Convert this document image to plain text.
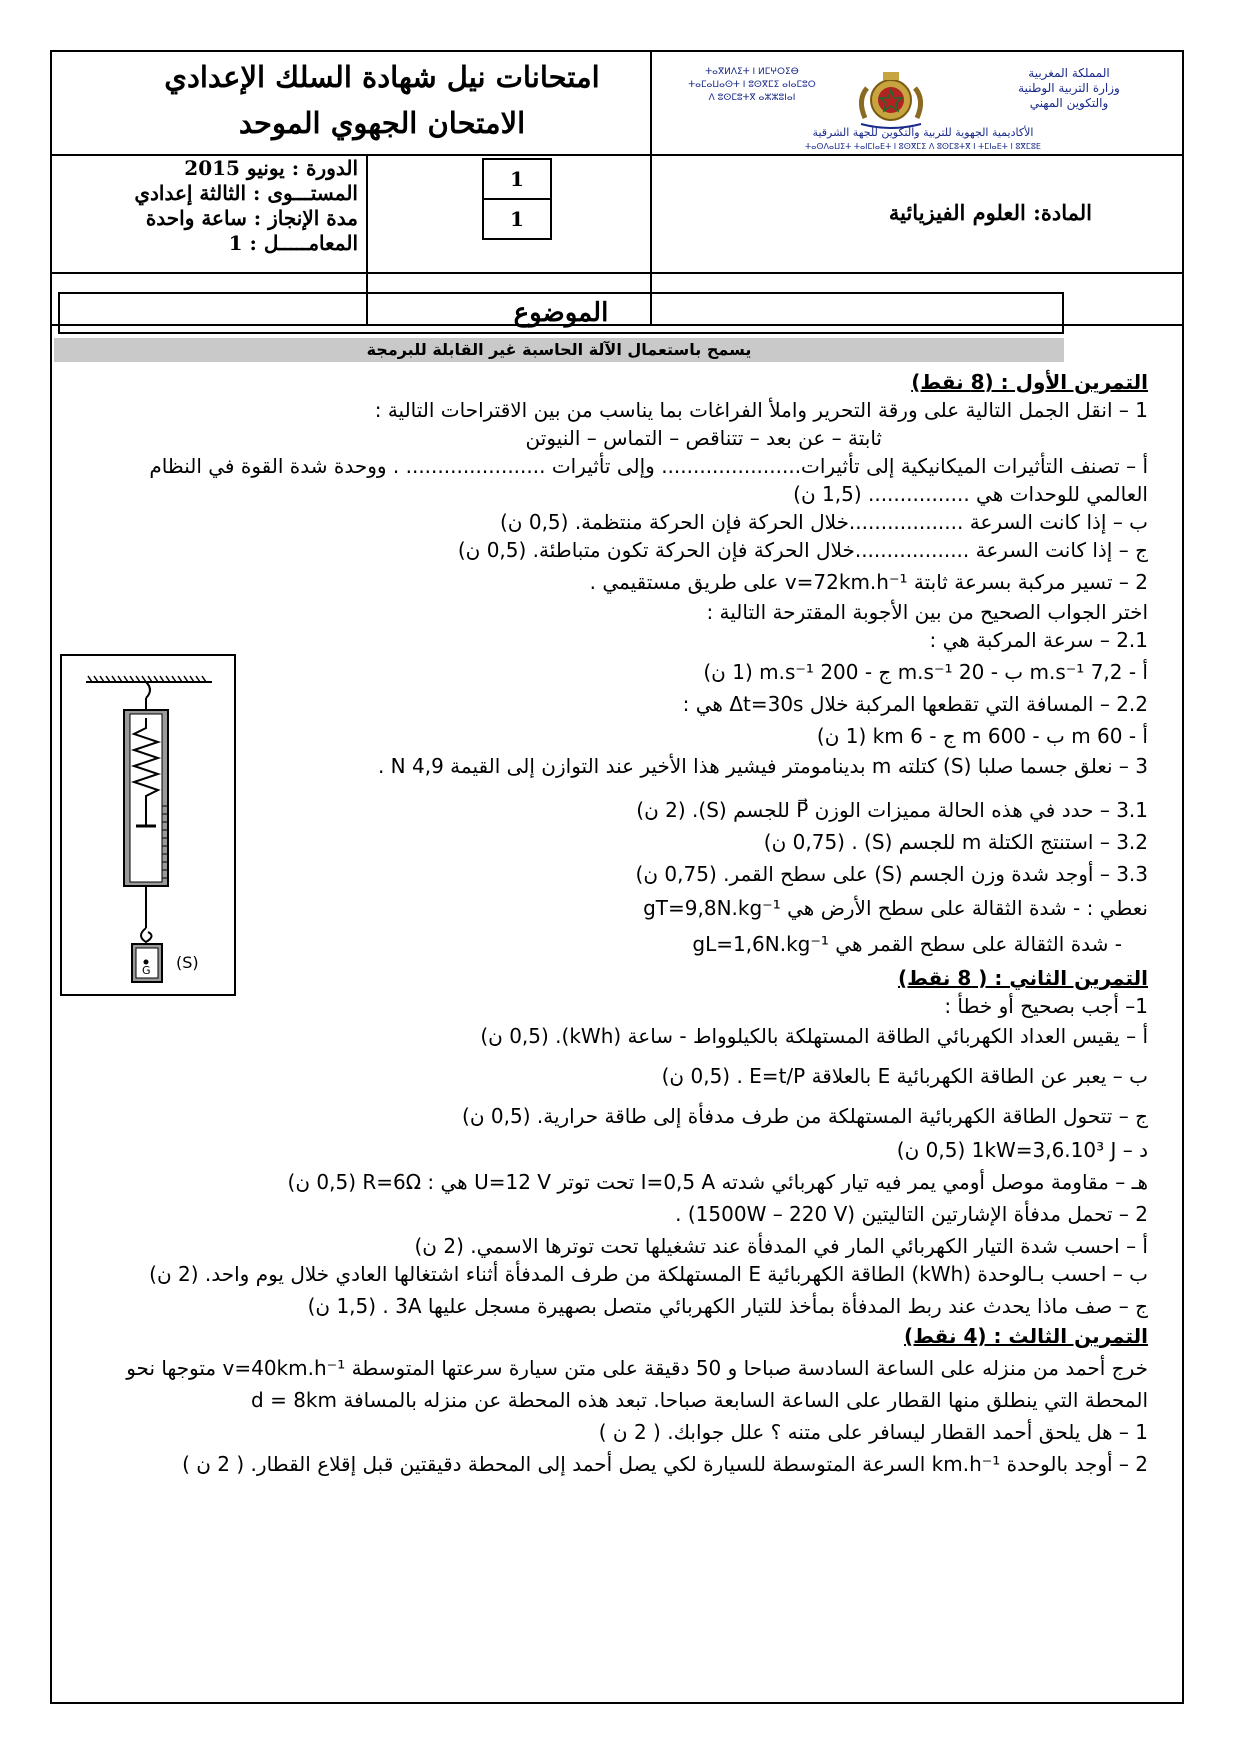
امتحانات نيل شهادة السلك الإعدادي
الامتحان الجهوي الموحد
ⵜⴰⴳⵍⴷⵉⵜ ⵏ ⵍⵎⵖⵔⵉⴱ
ⵜⴰⵎⴰⵡⴰⵙⵜ ⵏ ⵓⵙⴳⵎⵉ ⴰⵏⴰⵎⵓⵔ
ⴷ ⵓⵙⵎⵓⵜⴳ ⴰⵣⵣⵓⵏⴰⵏ
المملكة المغربية
وزارة التربية الوطنية
والتكوين المهني
الأكاديمية الجهوية للتربية والتكوين للجهة الشرقية
ⵜⴰⵙⴷⴰⵡⵉⵜ ⵜⴰⵏⵎⵏⴰⴹⵜ ⵏ ⵓⵙⴳⵎⵉ ⴷ ⵓⵙⵎⵓⵜⴳ ⵏ ⵜⵎⵏⴰⴹⵜ ⵏ ⵓⴳⵎⵓⴹ
الدورة : يونيو 2015
المستـــوى : الثالثة إعدادي
مدة الإنجاز : ساعة واحدة
المعامـــــل : 1
1
1	المادة: العلوم الفيزيائية
الموضوع
يسمح باستعمال الآلة الحاسبة غير القابلة للبرمجة
G (S)
التمرين الأول : (8 نقط)
1 – انقل الجمل التالية على ورقة التحرير واملأ الفراغات بما يناسب من بين الاقتراحات التالية :
ثابتة – عن بعد – تتناقص – التماس – النيوتن
أ – تصنف التأثيرات الميكانيكية إلى تأثيرات...................... وإلى تأثيرات ...................... . ووحدة شدة القوة في النظام
العالمي للوحدات هي ................ (1,5 ن)
ب – إذا كانت السرعة ..................خلال الحركة فإن الحركة منتظمة. (0,5 ن)
ج – إذا كانت السرعة ..................خلال الحركة فإن الحركة تكون متباطئة. (0,5 ن)
2 – تسير مركبة بسرعة ثابتة v=72km.h⁻¹ على طريق مستقيمي .
اختر الجواب الصحيح من بين الأجوبة المقترحة التالية :
2.1 – سرعة المركبة هي :
أ - 7,2 m.s⁻¹ ب - 20 m.s⁻¹ ج - 200 m.s⁻¹ (1 ن)
2.2 – المسافة التي تقطعها المركبة خلال Δt=30s هي :
أ - 60 m ب - 600 m ج - 6 km (1 ن)
3 – نعلق جسما صلبا (S) كتلته m بدينامومتر فيشير هذا الأخير عند التوازن إلى القيمة 4,9 N .
3.1 – حدد في هذه الحالة مميزات الوزن P⃗ للجسم (S). (2 ن)
3.2 – استنتج الكتلة m للجسم (S) . (0,75 ن)
3.3 – أوجد شدة وزن الجسم (S) على سطح القمر. (0,75 ن)
نعطي : - شدة الثقالة على سطح الأرض هي gT=9,8N.kg⁻¹
- شدة الثقالة على سطح القمر هي gL=1,6N.kg⁻¹
التمرين الثاني : ( 8 نقط)
1– أجب بصحيح أو خطأ :
أ – يقيس العداد الكهربائي الطاقة المستهلكة بالكيلوواط - ساعة (kWh). (0,5 ن)
ب – يعبر عن الطاقة الكهربائية E بالعلاقة E=t/P . (0,5 ن)
ج – تتحول الطاقة الكهربائية المستهلكة من طرف مدفأة إلى طاقة حرارية. (0,5 ن)
د – 1kW=3,6.10³ J (0,5 ن)
هـ – مقاومة موصل أومي يمر فيه تيار كهربائي شدته I=0,5 A تحت توتر U=12 V هي : R=6Ω (0,5 ن)
2 – تحمل مدفأة الإشارتين التاليتين (1500W – 220 V) .
أ – احسب شدة التيار الكهربائي المار في المدفأة عند تشغيلها تحت توترها الاسمي. (2 ن)
ب – احسب بـالوحدة (kWh) الطاقة الكهربائية E المستهلكة من طرف المدفأة أثناء اشتغالها العادي خلال يوم واحد. (2 ن)
ج – صف ماذا يحدث عند ربط المدفأة بمأخذ للتيار الكهربائي متصل بصهيرة مسجل عليها 3A . (1,5 ن)
التمرين الثالث : (4 نقط)
خرج أحمد من منزله على الساعة السادسة صباحا و 50 دقيقة على متن سيارة سرعتها المتوسطة v=40km.h⁻¹ متوجها نحو
المحطة التي ينطلق منها القطار على الساعة السابعة صباحا. تبعد هذه المحطة عن منزله بالمسافة d = 8km
1 – هل يلحق أحمد القطار ليسافر على متنه ؟ علل جوابك. ( 2 ن )
2 – أوجد بالوحدة km.h⁻¹ السرعة المتوسطة للسيارة لكي يصل أحمد إلى المحطة دقيقتين قبل إقلاع القطار. ( 2 ن )
